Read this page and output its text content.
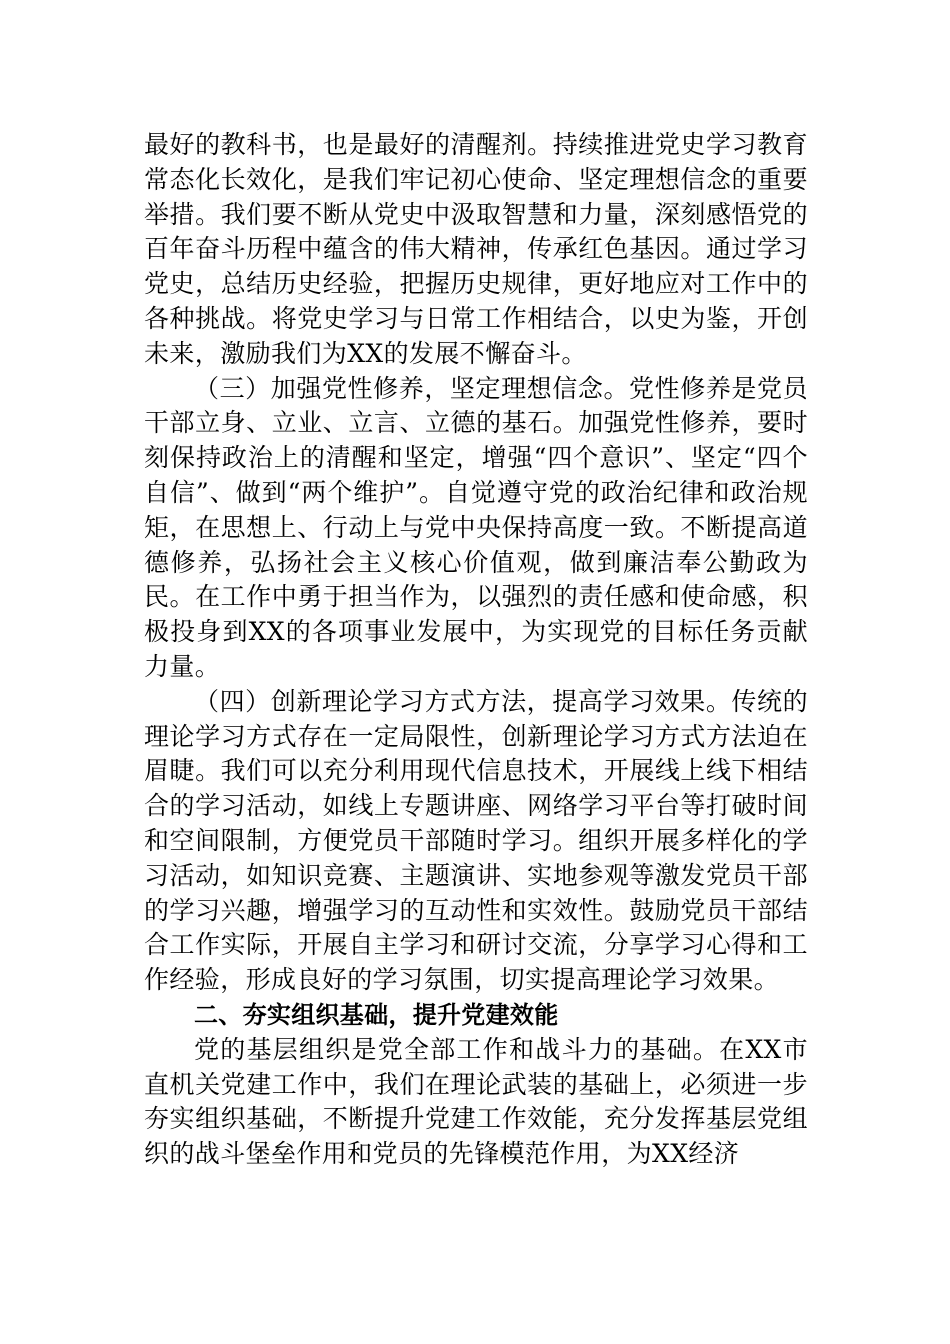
最好的教科书，也是最好的清醒剂。持续推进党史学习教育常态化长效化，是我们牢记初心使命、坚定理想信念的重要举措。我们要不断从党史中汲取智慧和力量，深刻感悟党的百年奋斗历程中蕴含的伟大精神，传承红色基因。通过学习党史，总结历史经验，把握历史规律，更好地应对工作中的各种挑战。将党史学习与日常工作相结合，以史为鉴，开创未来，激励我们为XX的发展不懈奋斗。

（三）加强党性修养，坚定理想信念。党性修养是党员干部立身、立业、立言、立德的基石。加强党性修养，要时刻保持政治上的清醒和坚定，增强“四个意识”、坚定“四个自信”、做到“两个维护”。自觉遵守党的政治纪律和政治规矩，在思想上、行动上与党中央保持高度一致。不断提高道德修养，弘扬社会主义核心价值观，做到廉洁奉公勤政为民。在工作中勇于担当作为，以强烈的责任感和使命感，积极投身到XX的各项事业发展中，为实现党的目标任务贡献力量。

（四）创新理论学习方式方法，提高学习效果。传统的理论学习方式存在一定局限性，创新理论学习方式方法迫在眉睫。我们可以充分利用现代信息技术，开展线上线下相结合的学习活动，如线上专题讲座、网络学习平台等打破时间和空间限制，方便党员干部随时学习。组织开展多样化的学习活动，如知识竞赛、主题演讲、实地参观等激发党员干部的学习兴趣，增强学习的互动性和实效性。鼓励党员干部结合工作实际，开展自主学习和研讨交流，分享学习心得和工作经验，形成良好的学习氛围，切实提高理论学习效果。

二、夯实组织基础，提升党建效能

党的基层组织是党全部工作和战斗力的基础。在XX市直机关党建工作中，我们在理论武装的基础上，必须进一步夯实组织基础，不断提升党建工作效能，充分发挥基层党组织的战斗堡垒作用和党员的先锋模范作用，为XX经济
